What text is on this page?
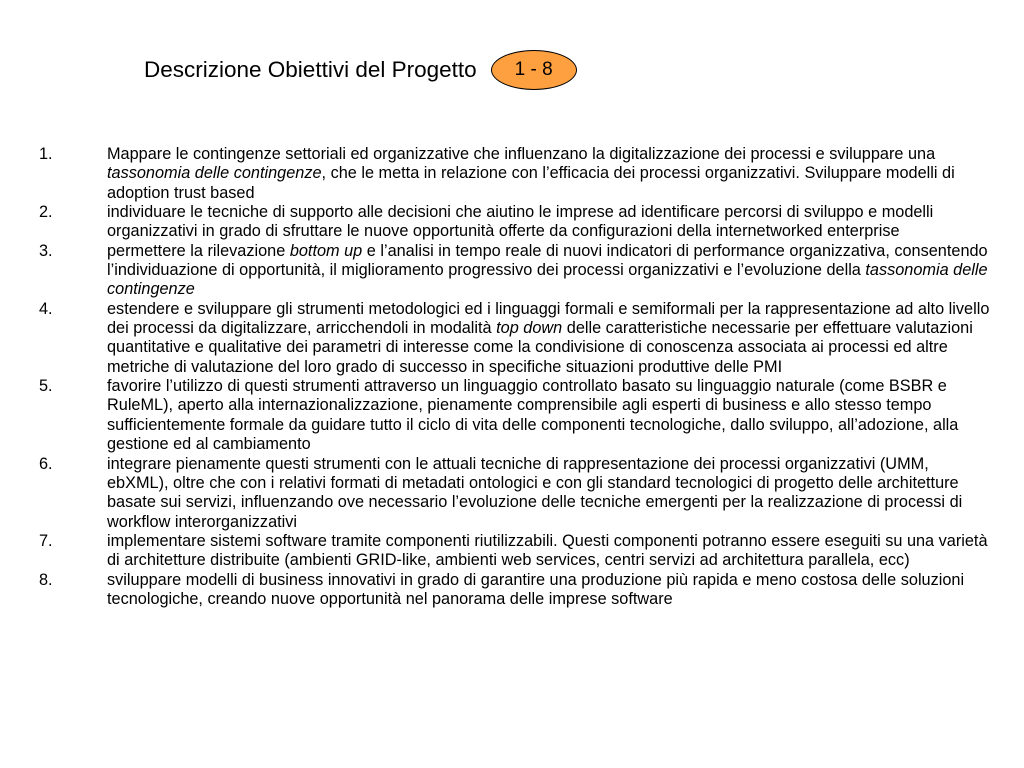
Descrizione Obiettivi del Progetto 1 - 8
1.	Mappare le contingenze settoriali ed organizzative che influenzano la digitalizzazione dei processi e sviluppare una tassonomia delle contingenze, che le metta in relazione con l’efficacia dei processi organizzativi. Sviluppare modelli di adoption trust based
2.	individuare le tecniche di supporto alle decisioni che aiutino le imprese ad identificare percorsi di sviluppo e modelli organizzativi in grado di sfruttare le nuove opportunità offerte da configurazioni della internetworked enterprise
3.	permettere la rilevazione bottom up e l’analisi in tempo reale di nuovi indicatori di performance organizzativa, consentendo l’individuazione di opportunità, il miglioramento progressivo dei processi organizzativi e l’evoluzione della tassonomia delle contingenze
4.	estendere e sviluppare gli strumenti metodologici ed i linguaggi formali e semiformali per la rappresentazione ad alto livello dei processi da digitalizzare, arricchendoli in modalità top down delle caratteristiche necessarie per effettuare valutazioni quantitative e qualitative dei parametri di interesse come la condivisione di conoscenza associata ai processi ed altre metriche di valutazione del loro grado di successo in specifiche situazioni produttive delle PMI
5.	favorire l’utilizzo di questi strumenti attraverso un linguaggio controllato basato su linguaggio naturale (come BSBR e RuleML), aperto alla internazionalizzazione, pienamente comprensibile agli esperti di business e allo stesso tempo sufficientemente formale da guidare tutto il ciclo di vita delle componenti tecnologiche, dallo sviluppo, all’adozione, alla gestione ed al cambiamento
6.	integrare pienamente questi strumenti con le attuali tecniche di rappresentazione dei processi organizzativi (UMM, ebXML), oltre che con i relativi formati di metadati ontologici e con gli standard tecnologici di progetto delle architetture basate sui servizi, influenzando ove necessario l’evoluzione delle tecniche emergenti per la realizzazione di processi di workflow interorganizzativi
7.	implementare sistemi software tramite componenti riutilizzabili. Questi componenti potranno essere eseguiti su una varietà di architetture distribuite (ambienti GRID-like, ambienti web services, centri servizi ad architettura parallela, ecc)
8.	sviluppare modelli di business innovativi in grado di garantire una produzione più rapida e meno costosa delle soluzioni tecnologiche, creando nuove opportunità nel panorama delle imprese software
